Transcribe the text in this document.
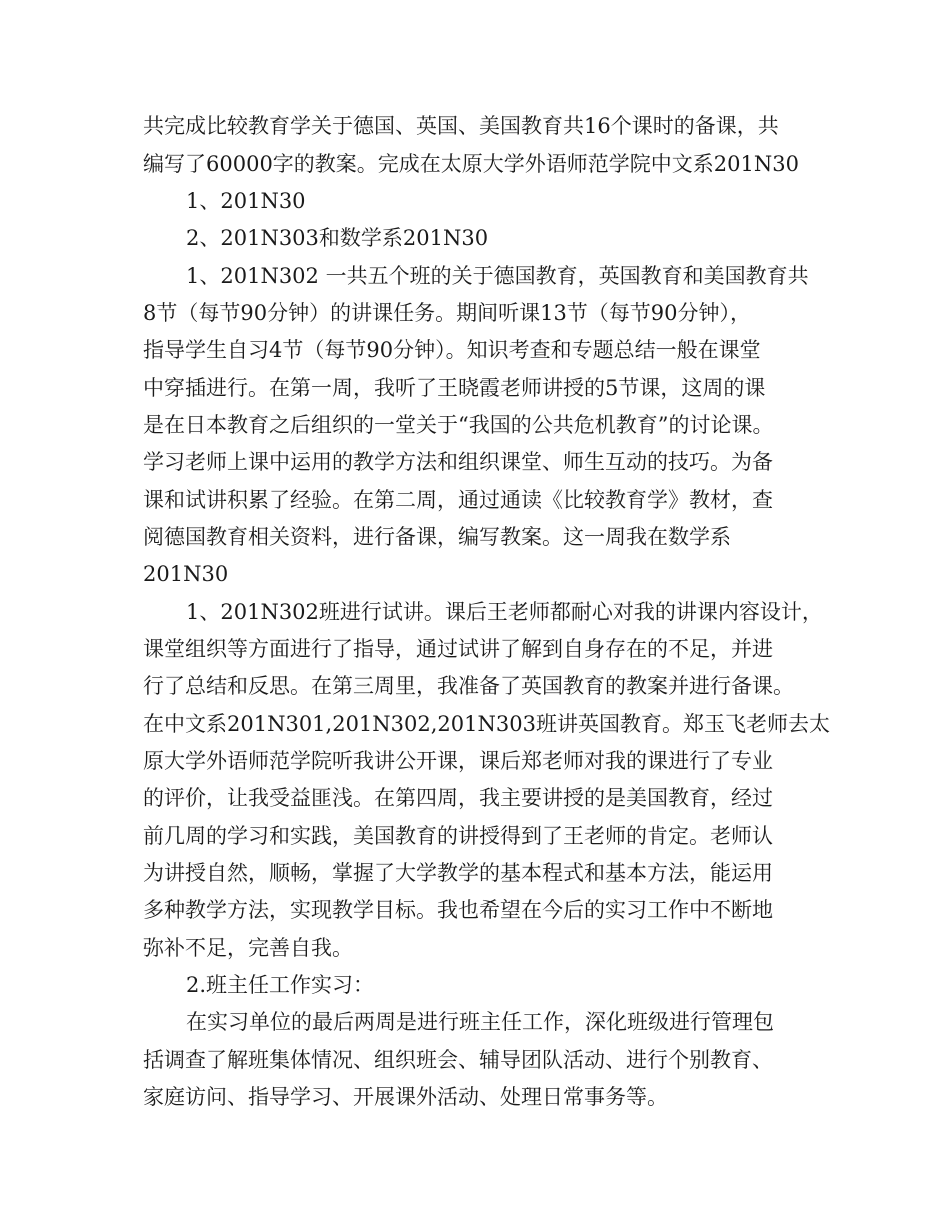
共完成比较教育学关于德国、英国、美国教育共16个课时的备课，共
编写了60000字的教案。完成在太原大学外语师范学院中文系201N30
1、201N30
2、201N303和数学系201N30
1、201N302 一共五个班的关于德国教育，英国教育和美国教育共
8节（每节90分钟）的讲课任务。期间听课13节（每节90分钟），
指导学生自习4节（每节90分钟）。知识考查和专题总结一般在课堂
中穿插进行。在第一周，我听了王晓霞老师讲授的5节课，这周的课
是在日本教育之后组织的一堂关于“我国的公共危机教育”的讨论课。
学习老师上课中运用的教学方法和组织课堂、师生互动的技巧。为备
课和试讲积累了经验。在第二周，通过通读《比较教育学》教材，查
阅德国教育相关资料，进行备课，编写教案。这一周我在数学系
201N30
1、201N302班进行试讲。课后王老师都耐心对我的讲课内容设计，
课堂组织等方面进行了指导，通过试讲了解到自身存在的不足，并进
行了总结和反思。在第三周里，我准备了英国教育的教案并进行备课。
在中文系201N301,201N302,201N303班讲英国教育。郑玉飞老师去太
原大学外语师范学院听我讲公开课，课后郑老师对我的课进行了专业
的评价，让我受益匪浅。在第四周，我主要讲授的是美国教育，经过
前几周的学习和实践，美国教育的讲授得到了王老师的肯定。老师认
为讲授自然，顺畅，掌握了大学教学的基本程式和基本方法，能运用
多种教学方法，实现教学目标。我也希望在今后的实习工作中不断地
弥补不足，完善自我。
2.班主任工作实习：
在实习单位的最后两周是进行班主任工作，深化班级进行管理包
括调查了解班集体情况、组织班会、辅导团队活动、进行个别教育、
家庭访问、指导学习、开展课外活动、处理日常事务等。
